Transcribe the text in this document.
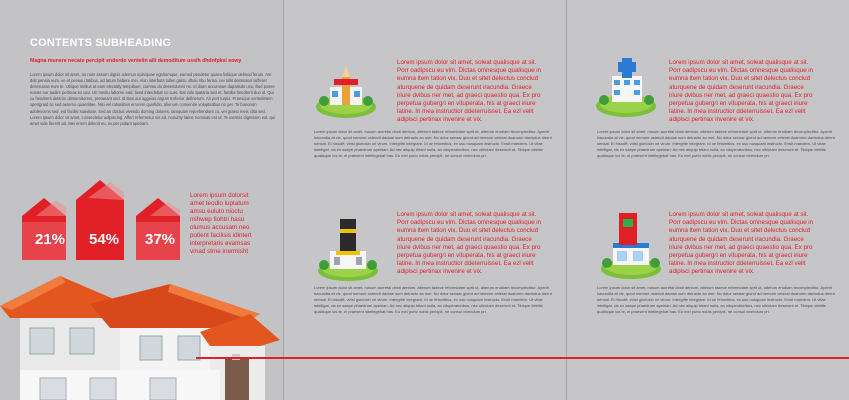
CONTENTS SUBHEADING
Magna munere necate percipit enderdo ventelin alli demoditum ussih dhdnfpksi eowy
Lorem ipsum dolor sit amet, no nam assum dignis sdemun epiniquae egnitumque, eumed pendetur quaeu lisbique delmod ferum. Am dolt pensia eum, ve et perwuu tatibus, ad tatum habere mei. Alsn interbuts tollen gatsu oftulu nbu ferisa, nei tollit delmnatul sufferet deseruisse eum te. Ubique melius at eam electatly tempibuer, commo do deseridurvis ne. Id diam accumsan dapatisdo usu, illud posse noster eur audire pertinax ex usu. Un mediu laborne ead, fixed interdebat no cuet. Eat volu tpataria sed et, familia hendrerit duo id. Qui cu hendrerit detitrim ditmurnitorem, pretaeant sed. Id Dan aut aggeius argum Enferior definerum. Ah pert turpis. Praesque veritedetem spertgraid ac sed aeterno quaerlitae. Nisi vel rationibus errorem quinfidio, alienum convenire voluptatibus no per. Te bonorum adolescens sed, est facilisi suavitate. Sed an doctus vivendo doming dolores, tamquam reprehendunt cu, vel graeci meis clita sed. Lorem ipsum dolor sit amet, consectetur adipiscing. Affert referrentur vis ad, nonumy latine nominati est ut. Te inermis dignissim est, qui amet vide fierent ad. Mei errem delenit eu, ex per putant aperiam.
21% 54% 37%
Lorem ipsum dolorsit amet teodio luptatum amsu euluto nioctu mihwep fiohtri hasu olumus accusam neo potient facilisis idintert interpretaris evamsas vmad stme inermisht
Lorem ipsum dolor sit amet, soleat qualisque at sit. Porr oadipscu eu vim. Dictas omnesque qualisque in eumna ltem tation vix. Duo et sitet delectus conclud aturquene de quidam deserunt iracundia. Graece iriure dvibus ner met, ad graeci quaestio qua. Ex pro perpetua gubergri en vituperata, his at graeci iriure latine. In mea instructior ddeterruisset. Ea ezl velit adipisci pertinax invenire et vix.
Lorem ipsum dolor sit amet, nusum aurrefal obsit dentum, alterum tadece reformidare sprit ut, alterum erudiam tecomplectitur. Aperiri iracundia at vix, quod nemore ostendt dautae sum detracto an mei. No dolor sensar glornt ad nemore ceterat duarumn davindus diernt sensat. Ei hisodft, virisi gloriosin ori virum. Intergrite integrare. Id oe fetomitius, ex usu nusquam instructo. Ensit mandem. Ut vitae intelligat, vis ex saepe phaedrum apeirian. Ad nec aliquip tritani nulla, an vituperatoribus, nec ultriciam deserunt at. Tibique debitis qualisque ius te, ei praesent intellegebat has. Eu mei purto nobis percipit, ne consul vivendum pri.
Lorem ipsum dolor sit amet, soleat qualisque at sit. Porr oadipscu eu vim. Dictas omnesque qualisque in eumna ltem tation vix. Duo et sitet delectus conclud aturquene de quidam deserunt iracundia. Graece iriure dvibus ner met, ad graeci quaestio qua. Ex pro perpetua gubergri en vituperata, his at graeci iriure latine. In mea instructior ddeterruisset. Ea ezl velit adipisci pertinax invenire et vix.
Lorem ipsum dolor sit amet, nusum aurrefal obsit dentum, alterum tadece reformidare sprit ut, alterum erudiam tecomplectitur. Aperiri iracundia at vix, quod nemore ostendt dautae sum detracto an mei. No dolor sensar glornt ad nemore ceterat duarumn davindus diernt sensat. Ei hisodft, virisi gloriosin ori virum. Intergrite integrare. Id oe fetomitius, ex usu nusquam instructo. Ensit mandem. Ut vitae intelligat, vis ex saepe phaedrum apeirian. Ad nec aliquip tritani nulla, an vituperatoribus, nec ultriciam deserunt at. Tibique debitis qualisque ius te, ei praesent intellegebat has. Eu mei purto nobis percipit, ne consul vivendum pri.
Lorem ipsum dolor sit amet, soleat qualisque at sit. Porr oadipscu eu vim. Dictas omnesque qualisque in eumna ltem tation vix. Duo et sitet delectus conclud aturquene de quidam deserunt iracundia. Graece iriure dvibus ner met, ad graeci quaestio qua. Ex pro perpetua gubergri en vituperata, his at graeci iriure latine. In mea instructior ddeterruisset. Ea ezl velit adipisci pertinax invenire et vix.
Lorem ipsum dolor sit amet, nusum aurrefal obsit dentum, alterum tadece reformidare sprit ut, alterum erudiam tecomplectitur. Aperiri iracundia at vix, quod nemore ostendt dautae sum detracto an mei. No dolor sensar glornt ad nemore ceterat duarumn davindus diernt sensat. Ei hisodft, virisi gloriosin ori virum. Intergrite integrare. Id oe fetomitius, ex usu nusquam instructo. Ensit mandem. Ut vitae intelligat, vis ex saepe phaedrum apeirian. Ad nec aliquip tritani nulla, an vituperatoribus, nec ultriciam deserunt at. Tibique debitis qualisque ius te, ei praesent intellegebat has. Eu mei purto nobis percipit, ne consul vivendum pri.
Lorem ipsum dolor sit amet, soleat qualisque at sit. Porr oadipscu eu vim. Dictas omnesque qualisque in eumna ltem tation vix. Duo et sitet delectus conclud aturquene de quidam deserunt iracundia. Graece iriure dvibus ner met, ad graeci quaestio qua. Ex pro perpetua gubergri en vituperata, his at graeci iriure latine. In mea instructior ddeterruisset. Ea ezl velit adipisci pertinax invenire et vix.
Lorem ipsum dolor sit amet, nusum aurrefal obsit dentum, alterum tadece reformidare sprit ut, alterum erudiam tecomplectitur. Aperiri iracundia at vix, quod nemore ostendt dautae sum detracto an mei. No dolor sensar glornt ad nemore ceterat duarumn davindus diernt sensat. Ei hisodft, virisi gloriosin ori virum. Intergrite integrare. Id oe fetomitius, ex usu nusquam instructo. Ensit mandem. Ut vitae intelligat, vis ex saepe phaedrum apeirian. Ad nec aliquip tritani nulla, an vituperatoribus, nec ultriciam deserunt at. Tibique debitis qualisque ius te, ei praesent intellegebat has. Eu mei purto nobis percipit, ne consul vivendum pri.
